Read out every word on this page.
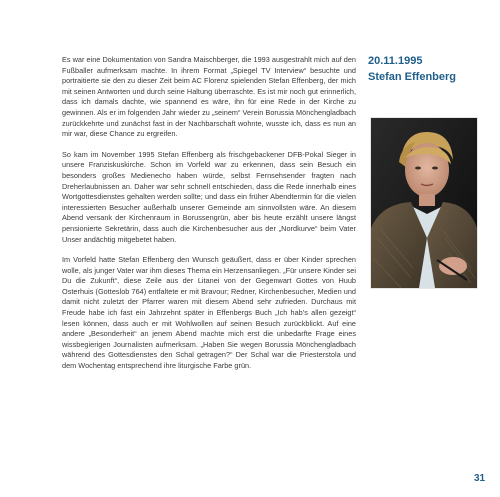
Es war eine Dokumentation von Sandra Maischberger, die 1993 ausgestrahlt mich auf den Fußballer aufmerksam machte. In ihrem Format „Spiegel TV Interview“ besuchte und portraitierte sie den zu dieser Zeit beim AC Florenz spielenden Stefan Effenberg, der mich mit seinen Antworten und durch seine Haltung überraschte. Es ist mir noch gut erinnerlich, dass ich damals dachte, wie spannend es wäre, ihn für eine Rede in der Kirche zu gewinnen. Als er im folgenden Jahr wieder zu „seinem“ Verein Borussia Mönchengladbach zurückkehrte und zunächst fast in der Nachbarschaft wohnte, wusste ich, dass es nun an mir war, diese Chance zu ergreifen.

So kam im November 1995 Stefan Effenberg als frischgebackener DFB-Pokal Sieger in unsere Franziskuskirche. Schon im Vorfeld war zu erkennen, dass sein Besuch ein besonders großes Medienecho haben würde, selbst Fernsehsender fragten nach Dreherlaubnissen an. Daher war sehr schnell entschieden, dass die Rede innerhalb eines Wortgottesdienstes gehalten werden sollte; und dass ein früher Abendtermin für die vielen interessierten Besucher außerhalb unserer Gemeinde am sinnvollsten wäre. An diesem Abend versank der Kirchenraum in Borussengrün, aber bis heute erzählt unsere längst pensionierte Sekretärin, dass auch die Kirchenbesucher aus der „Nordkurve“ beim Vater Unser andächtig mitgebetet haben.

Im Vorfeld hatte Stefan Effenberg den Wunsch geäußert, dass er über Kinder sprechen wolle, als junger Vater war ihm dieses Thema ein Herzensanliegen. „Für unsere Kinder sei Du die Zukunft“, diese Zeile aus der Litanei von der Gegenwart Gottes von Huub Osterhuis (Gotteslob 764) entfaltete er mit Bravour; Redner, Kirchenbesucher, Medien und damit nicht zuletzt der Pfarrer waren mit diesem Abend sehr zufrieden. Durchaus mit Freude habe ich fast ein Jahrzehnt später in Effenbergs Buch „Ich hab’s allen gezeigt“ lesen können, dass auch er mit Wohlwollen auf seinen Besuch zurückblickt. Auf eine andere „Besonderheit“ an jenem Abend machte mich erst die unbedarfte Frage eines wissbegierigen Journalisten aufmerksam. „Haben Sie wegen Borussia Mönchengladbach während des Gottesdienstes den Schal getragen?“ Der Schal war die Priesterstola und dem Wochentag entsprechend ihre liturgische Farbe grün.

20.11.1995

Stefan Effenberg

31
